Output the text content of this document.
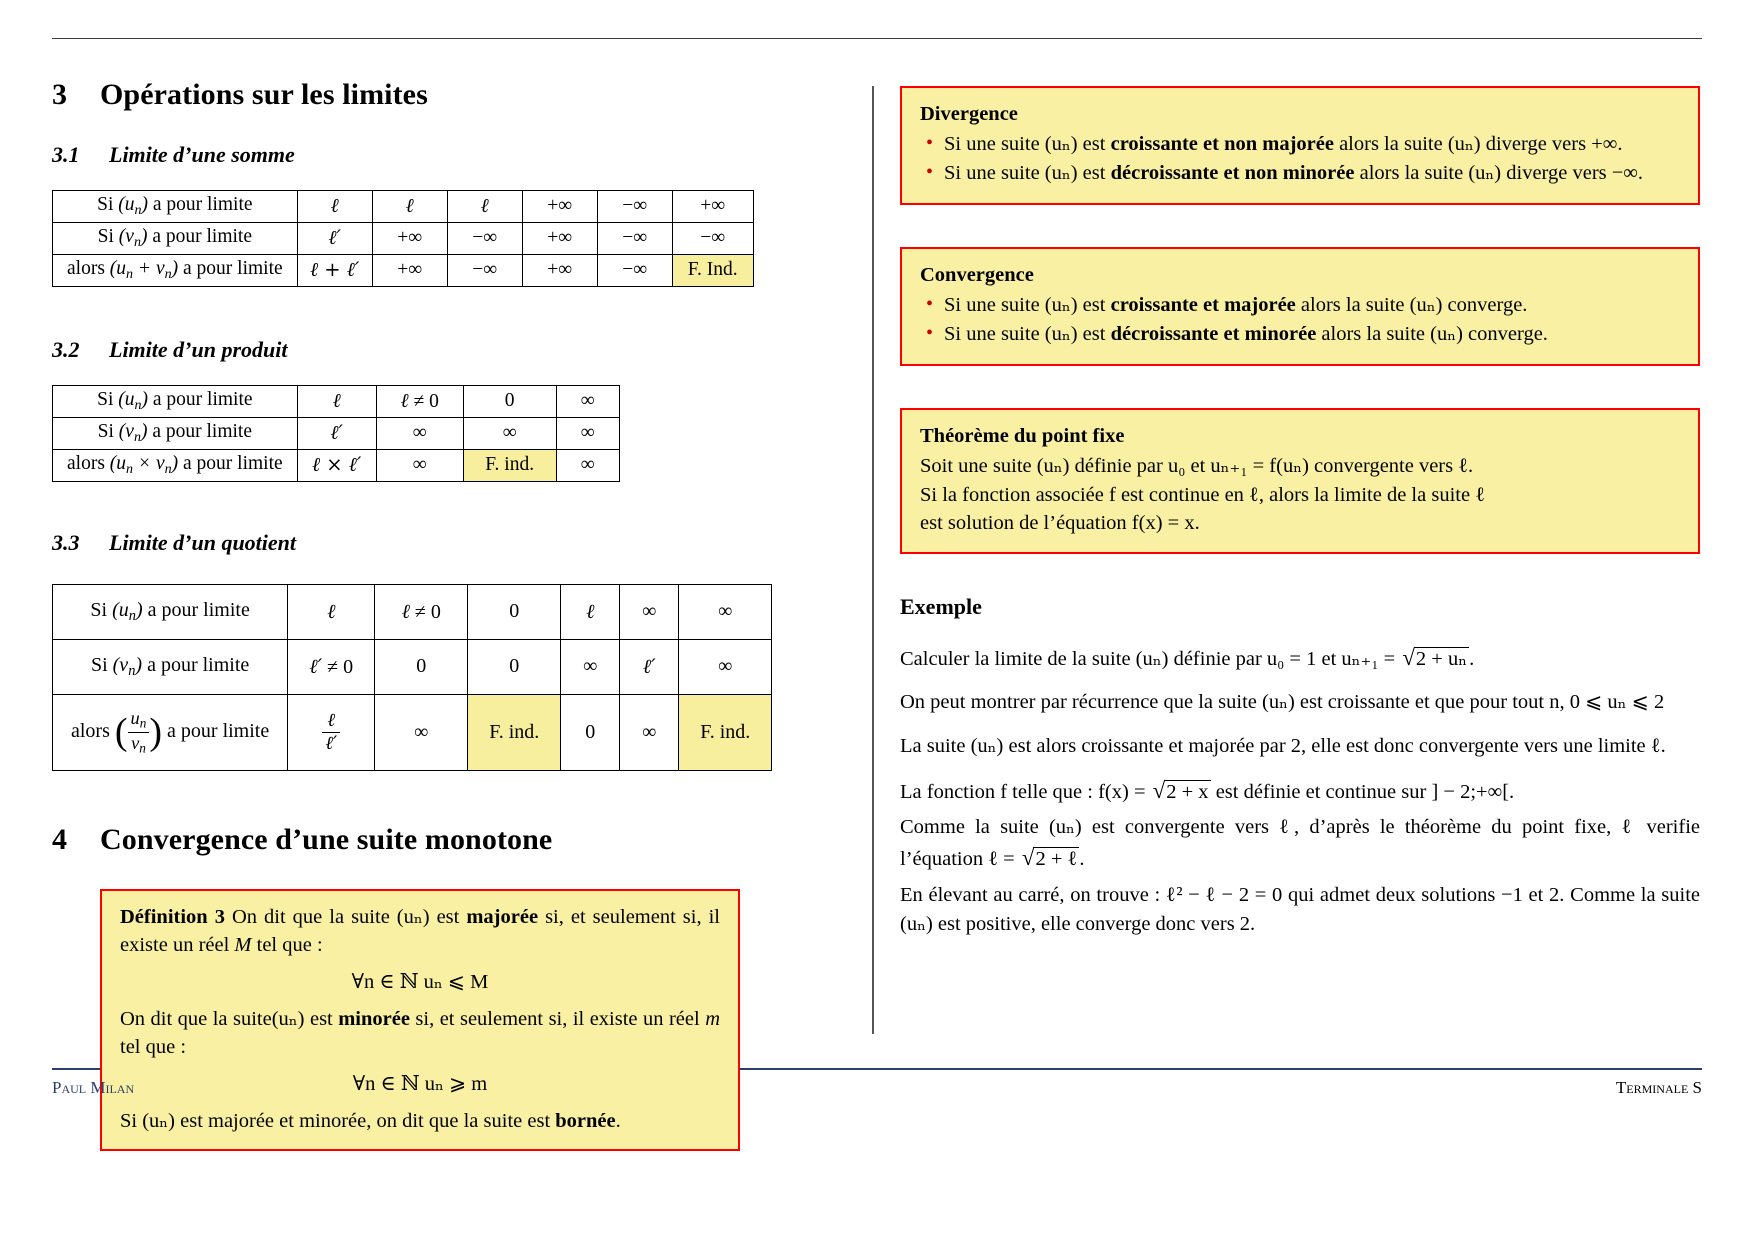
3 Opérations sur les limites
3.1 Limite d’une somme
Si $(u_n)$ a pour limite	ℓ	ℓ	ℓ	+∞	−∞	+∞
Si $(v_n)$ a pour limite	ℓ′	+∞	−∞	+∞	−∞	−∞
alors $(u_n + v_n)$ a pour limite	ℓ + ℓ′	+∞	−∞	+∞	−∞	F. Ind.
3.2 Limite d’un produit
Si $(u_n)$ a pour limite	ℓ	ℓ ≠ 0	0	∞
Si $(v_n)$ a pour limite	ℓ′	∞	∞	∞
alors $(u_n \times v_n)$ a pour limite	ℓ × ℓ′	∞	F. ind.	∞
3.3 Limite d’un quotient
Si $(u_n)$ a pour limite	ℓ	ℓ ≠ 0	0	ℓ	∞	∞
Si $(v_n)$ a pour limite	ℓ′ ≠ 0	0	0	∞	ℓ′	∞
alors ( $\frac{u_n}{v_n}$ ) a pour limite	$\frac{\text{ℓ}}{\text{ℓ′}}$	∞	F. ind.	0	∞	F. ind.
4 Convergence d’une suite monotone
Définition 3 On dit que la suite (uₙ) est majorée si, et seulement si, il existe un réel M tel que :
∀n ∈ ℕ uₙ ⩽ M
On dit que la suite(uₙ) est minorée si, et seulement si, il existe un réel m tel que :
∀n ∈ ℕ uₙ ⩾ m
Si (uₙ) est majorée et minorée, on dit que la suite est bornée.
Divergence
• Si une suite (uₙ) est croissante et non majorée alors la suite (uₙ) diverge vers +∞.
• Si une suite (uₙ) est décroissante et non minorée alors la suite (uₙ) diverge vers −∞.
Convergence
• Si une suite (uₙ) est croissante et majorée alors la suite (uₙ) converge.
• Si une suite (uₙ) est décroissante et minorée alors la suite (uₙ) converge.
Théorème du point fixe
Soit une suite (uₙ) définie par u₀ et uₙ₊₁ = f(uₙ) convergente vers ℓ.
Si la fonction associée f est continue en ℓ, alors la limite de la suite ℓ
est solution de l’équation f(x) = x.
Exemple

Calculer la limite de la suite (uₙ) définie par u₀ = 1 et uₙ₊₁ = √2 + uₙ.

On peut montrer par récurrence que la suite (uₙ) est croissante et que pour tout n, 0 ⩽ uₙ ⩽ 2

La suite (uₙ) est alors croissante et majorée par 2, elle est donc convergente vers une limite ℓ.

La fonction f telle que : f(x) = √2 + x est définie et continue sur ] − 2;+∞[.

Comme la suite (uₙ) est convergente vers ℓ, d’après le théorème du point fixe, ℓ verifie l’équation ℓ = √2 + ℓ.

En élevant au carré, on trouve : ℓ² − ℓ − 2 = 0 qui admet deux solutions −1 et 2. Comme la suite (uₙ) est positive, elle converge donc vers 2.

Paul Milan	Terminale S
